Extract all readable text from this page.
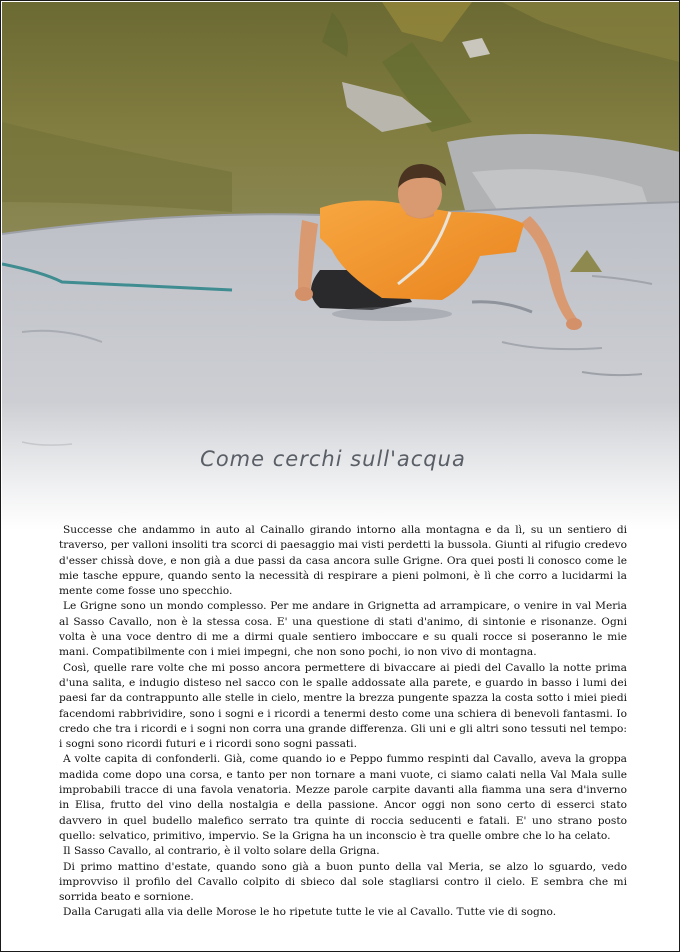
Come cerchi sull'acqua

Successe che andammo in auto al Cainallo girando intorno alla montagna e da lì, su un sentiero di traverso, per valloni insoliti tra scorci di paesaggio mai visti perdetti la bussola. Giunti al rifugio credevo d'esser chissà dove, e non già a due passi da casa ancora sulle Grigne. Ora quei posti li conosco come le mie tasche eppure, quando sento la necessità di respirare a pieni polmoni, è lì che corro a lucidarmi la mente come fosse uno specchio.

Le Grigne sono un mondo complesso. Per me andare in Grignetta ad arrampicare, o venire in val Meria al Sasso Cavallo, non è la stessa cosa. E' una questione di stati d'animo, di sintonie e risonanze. Ogni volta è una voce dentro di me a dirmi quale sentiero imboccare e su quali rocce si poseranno le mie mani. Compatibilmente con i miei impegni, che non sono pochi, io non vivo di montagna.

Così, quelle rare volte che mi posso ancora permettere di bivaccare ai piedi del Cavallo la notte prima d'una salita, e indugio disteso nel sacco con le spalle addossate alla parete, e guardo in basso i lumi dei paesi far da contrappunto alle stelle in cielo, mentre la brezza pungente spazza la costa sotto i miei piedi facendomi rabbrividire, sono i sogni e i ricordi a tenermi desto come una schiera di benevoli fantasmi. Io credo che tra i ricordi e i sogni non corra una grande differenza. Gli uni e gli altri sono tessuti nel tempo: i sogni sono ricordi futuri e i ricordi sono sogni passati.

A volte capita di confonderli. Già, come quando io e Peppo fummo respinti dal Cavallo, aveva la groppa madida come dopo una corsa, e tanto per non tornare a mani vuote, ci siamo calati nella Val Mala sulle improbabili tracce di una favola venatoria. Mezze parole carpite davanti alla fiamma una sera d'inverno in Elisa, frutto del vino della nostalgia e della passione. Ancor oggi non sono certo di esserci stato davvero in quel budello malefico serrato tra quinte di roccia seducenti e fatali. E' uno strano posto quello: selvatico, primitivo, impervio. Se la Grigna ha un inconscio è tra quelle ombre che lo ha celato.

Il Sasso Cavallo, al contrario, è il volto solare della Grigna.

Di primo mattino d'estate, quando sono già a buon punto della val Meria, se alzo lo sguardo, vedo improvviso il profilo del Cavallo colpito di sbieco dal sole stagliarsi contro il cielo. E sembra che mi sorrida beato e sornione.

Dalla Carugati alla via delle Morose le ho ripetute tutte le vie al Cavallo. Tutte vie di sogno.
